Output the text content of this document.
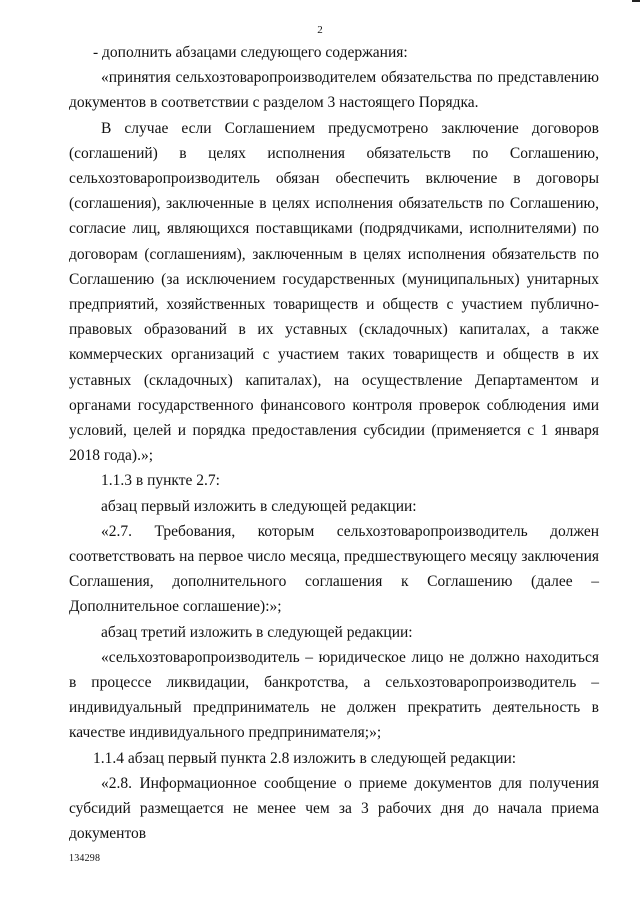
2

- дополнить абзацами следующего содержания:

«принятия сельхозтоваропроизводителем обязательства по представлению документов в соответствии с разделом 3 настоящего Порядка.

В случае если Соглашением предусмотрено заключение договоров (соглашений) в целях исполнения обязательств по Соглашению, сельхозтоваропроизводитель обязан обеспечить включение в договоры (соглашения), заключенные в целях исполнения обязательств по Соглашению, согласие лиц, являющихся поставщиками (подрядчиками, исполнителями) по договорам (соглашениям), заключенным в целях исполнения обязательств по Соглашению (за исключением государственных (муниципальных) унитарных предприятий, хозяйственных товариществ и обществ с участием публично-правовых образований в их уставных (складочных) капиталах, а также коммерческих организаций с участием таких товариществ и обществ в их уставных (складочных) капиталах), на осуществление Департаментом и органами государственного финансового контроля проверок соблюдения ими условий, целей и порядка предоставления субсидии (применяется с 1 января 2018 года).»;

1.1.3 в пункте 2.7:

абзац первый изложить в следующей редакции:

«2.7. Требования, которым сельхозтоваропроизводитель должен соответствовать на первое число месяца, предшествующего месяцу заключения Соглашения, дополнительного соглашения к Соглашению (далее – Дополнительное соглашение):»;

абзац третий изложить в следующей редакции:

«сельхозтоваропроизводитель – юридическое лицо не должно находиться в процессе ликвидации, банкротства, а сельхозтоваропроизводитель – индивидуальный предприниматель не должен прекратить деятельность в качестве индивидуального предпринимателя;»;

1.1.4 абзац первый пункта 2.8 изложить в следующей редакции:

«2.8. Информационное сообщение о приеме документов для получения субсидий размещается не менее чем за 3 рабочих дня до начала приема документов

134298
